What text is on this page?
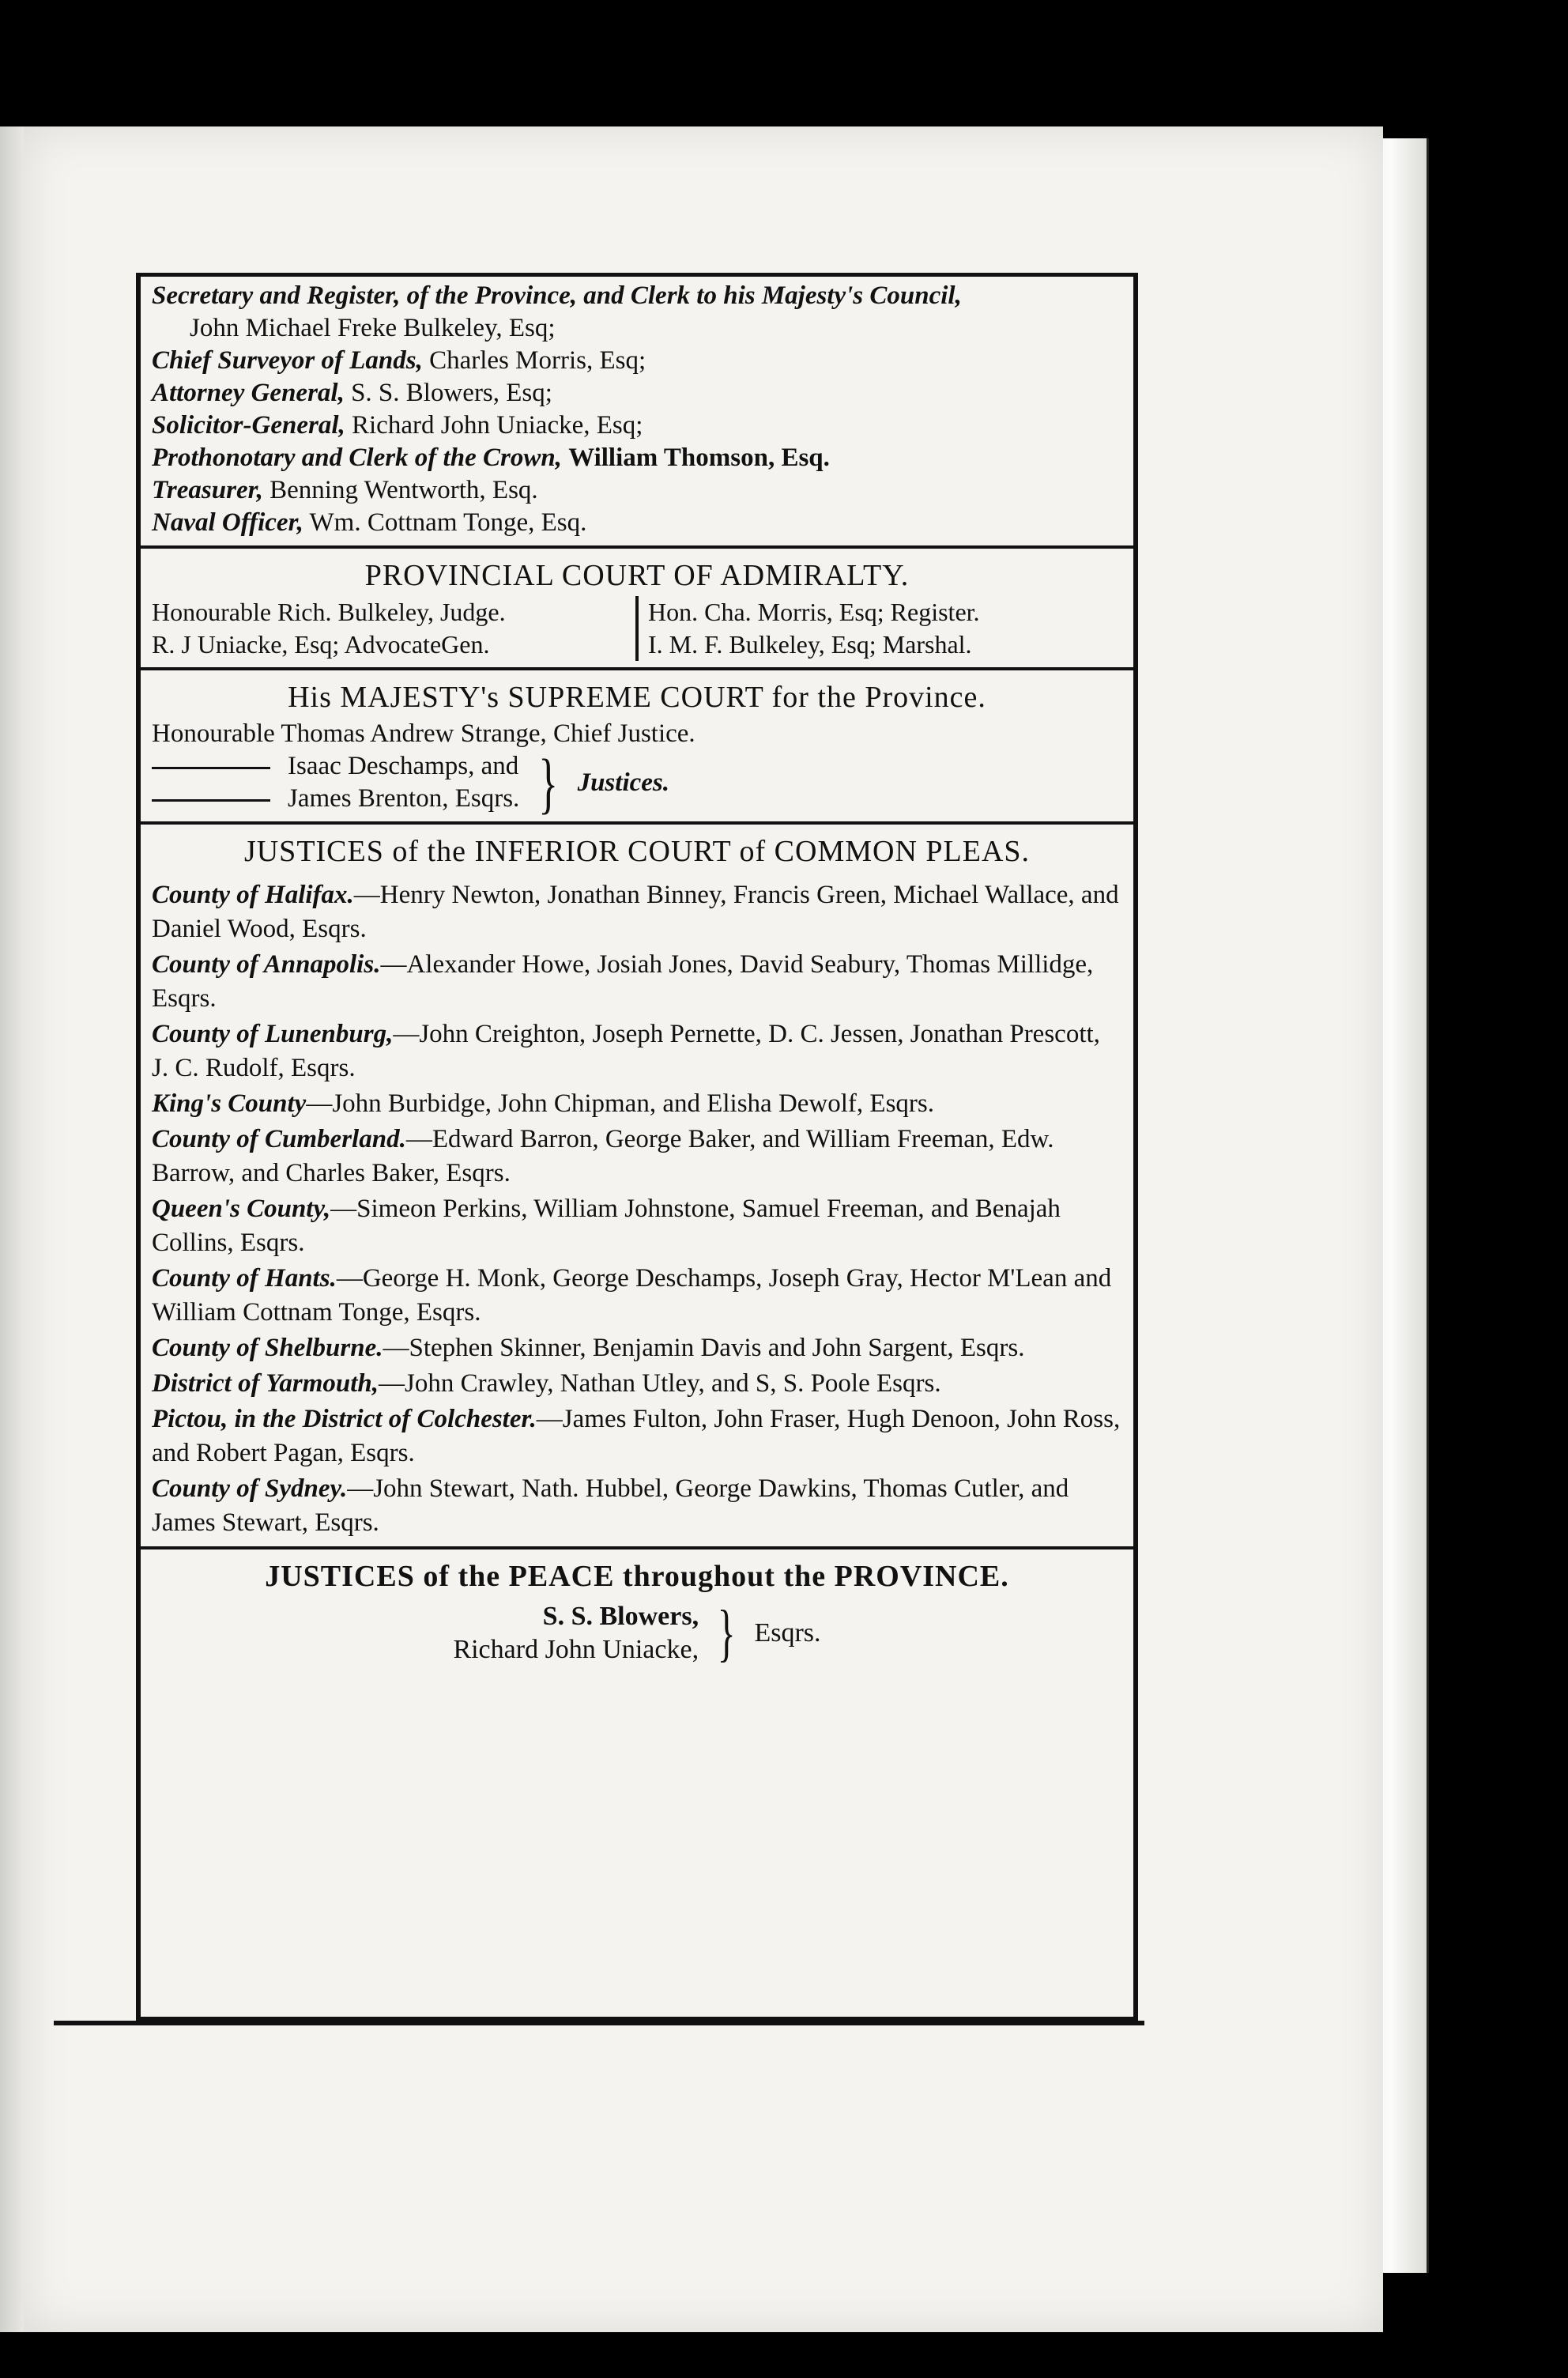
Secretary and Register, of the Province, and Clerk to his Majesty's Council,
John Michael Freke Bulkeley, Esq;
Chief Surveyor of Lands, Charles Morris, Esq;
Attorney General, S. S. Blowers, Esq;
Solicitor-General, Richard John Uniacke, Esq;
Prothonotary and Clerk of the Crown, William Thomson, Esq.
Treasurer, Benning Wentworth, Esq.
Naval Officer, Wm. Cottnam Tonge, Esq.
PROVINCIAL COURT OF ADMIRALTY.
Honourable Rich. Bulkeley, Judge.
R. J Uniacke, Esq; AdvocateGen.
Hon. Cha. Morris, Esq; Register.
I. M. F. Bulkeley, Esq; Marshal.
His MAJESTY's SUPREME COURT for the Province.
Honourable Thomas Andrew Strange, Chief Justice.
Isaac Deschamps, and
James Brenton, Esqrs. } Justices.
JUSTICES of the INFERIOR COURT of COMMON PLEAS.
County of Halifax.—Henry Newton, Jonathan Binney, Francis Green, Michael Wallace, and Daniel Wood, Esqrs.
County of Annapolis.—Alexander Howe, Josiah Jones, David Seabury, Thomas Millidge, Esqrs.
County of Lunenburg,—John Creighton, Joseph Pernette, D. C. Jessen, Jonathan Prescott, J. C. Rudolf, Esqrs.
King's County—John Burbidge, John Chipman, and Elisha Dewolf, Esqrs.
County of Cumberland.—Edward Barron, George Baker, and William Freeman, Edw. Barrow, and Charles Baker, Esqrs.
Queen's County,—Simeon Perkins, William Johnstone, Samuel Freeman, and Benajah Collins, Esqrs.
County of Hants.—George H. Monk, George Deschamps, Joseph Gray, Hector M'Lean and William Cottnam Tonge, Esqrs.
County of Shelburne.—Stephen Skinner, Benjamin Davis and John Sargent, Esqrs.
District of Yarmouth,—John Crawley, Nathan Utley, and S, S. Poole Esqrs.
Pictou, in the District of Colchester.—James Fulton, John Fraser, Hugh Denoon, John Ross, and Robert Pagan, Esqrs.
County of Sydney.—John Stewart, Nath. Hubbel, George Dawkins, Thomas Cutler, and James Stewart, Esqrs.
JUSTICES of the PEACE throughout the PROVINCE.
S. S. Blowers,
Richard John Uniacke, } Esqrs.
